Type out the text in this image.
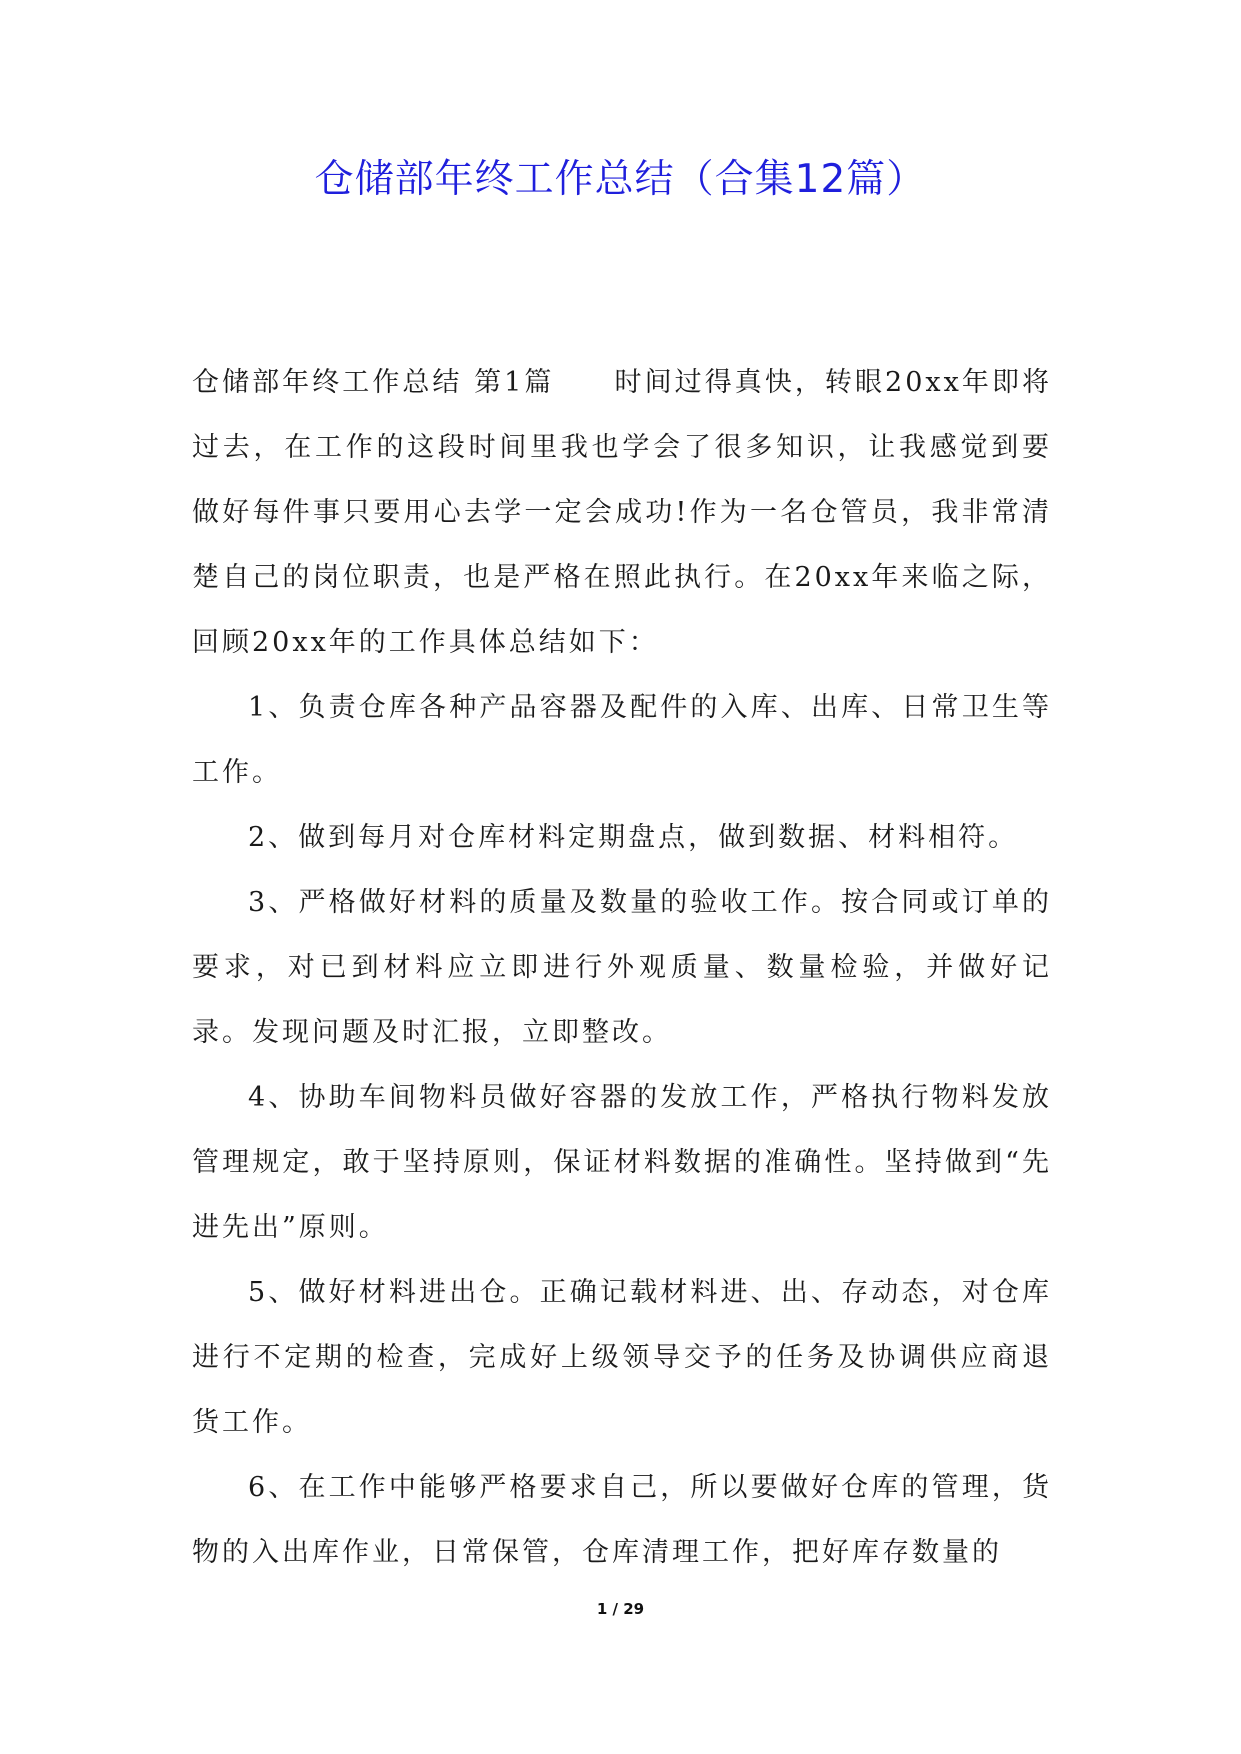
仓储部年终工作总结（合集12篇）

仓储部年终工作总结 第1篇　　时间过得真快，转眼20xx年即将过去，在工作的这段时间里我也学会了很多知识，让我感觉到要做好每件事只要用心去学一定会成功!作为一名仓管员，我非常清楚自己的岗位职责，也是严格在照此执行。在20xx年来临之际，回顾20xx年的工作具体总结如下：

1、负责仓库各种产品容器及配件的入库、出库、日常卫生等工作。

2、做到每月对仓库材料定期盘点，做到数据、材料相符。

3、严格做好材料的质量及数量的验收工作。按合同或订单的要求，对已到材料应立即进行外观质量、数量检验，并做好记录。发现问题及时汇报，立即整改。

4、协助车间物料员做好容器的发放工作，严格执行物料发放管理规定，敢于坚持原则，保证材料数据的准确性。坚持做到“先进先出”原则。

5、做好材料进出仓。正确记载材料进、出、存动态，对仓库进行不定期的检查，完成好上级领导交予的任务及协调供应商退货工作。

6、在工作中能够严格要求自己，所以要做好仓库的管理，货物的入出库作业，日常保管，仓库清理工作，把好库存数量的

1 / 29
